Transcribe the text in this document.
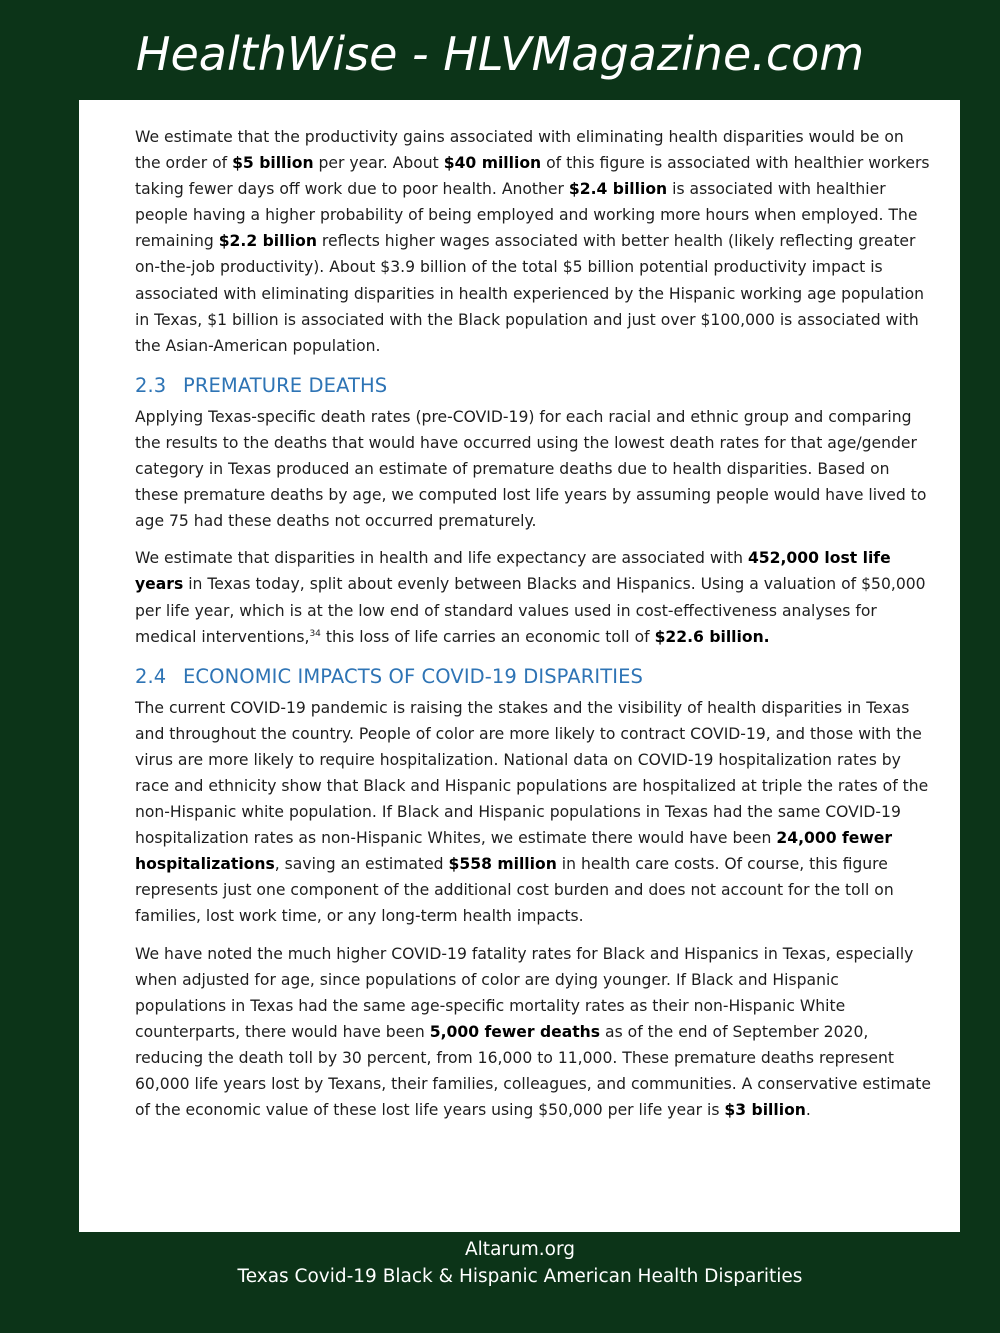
HealthWise - HLVMagazine.com

We estimate that the productivity gains associated with eliminating health disparities would be on the order of $5 billion per year. About $40 million of this figure is associated with healthier workers taking fewer days off work due to poor health. Another $2.4 billion is associated with healthier people having a higher probability of being employed and working more hours when employed. The remaining $2.2 billion reflects higher wages associated with better health (likely reflecting greater on-the-job productivity). About $3.9 billion of the total $5 billion potential productivity impact is associated with eliminating disparities in health experienced by the Hispanic working age population in Texas, $1 billion is associated with the Black population and just over $100,000 is associated with the Asian-American population.

2.3 PREMATURE DEATHS

Applying Texas-specific death rates (pre-COVID-19) for each racial and ethnic group and comparing the results to the deaths that would have occurred using the lowest death rates for that age/gender category in Texas produced an estimate of premature deaths due to health disparities. Based on these premature deaths by age, we computed lost life years by assuming people would have lived to age 75 had these deaths not occurred prematurely.

We estimate that disparities in health and life expectancy are associated with 452,000 lost life years in Texas today, split about evenly between Blacks and Hispanics. Using a valuation of $50,000 per life year, which is at the low end of standard values used in cost-effectiveness analyses for medical interventions,$^{34}$ this loss of life carries an economic toll of $22.6 billion.

2.4 ECONOMIC IMPACTS OF COVID-19 DISPARITIES

The current COVID-19 pandemic is raising the stakes and the visibility of health disparities in Texas and throughout the country. People of color are more likely to contract COVID-19, and those with the virus are more likely to require hospitalization. National data on COVID-19 hospitalization rates by race and ethnicity show that Black and Hispanic populations are hospitalized at triple the rates of the non-Hispanic white population. If Black and Hispanic populations in Texas had the same COVID-19 hospitalization rates as non-Hispanic Whites, we estimate there would have been 24,000 fewer hospitalizations, saving an estimated $558 million in health care costs. Of course, this figure represents just one component of the additional cost burden and does not account for the toll on families, lost work time, or any long-term health impacts.

We have noted the much higher COVID-19 fatality rates for Black and Hispanics in Texas, especially when adjusted for age, since populations of color are dying younger. If Black and Hispanic populations in Texas had the same age-specific mortality rates as their non-Hispanic White counterparts, there would have been 5,000 fewer deaths as of the end of September 2020, reducing the death toll by 30 percent, from 16,000 to 11,000. These premature deaths represent 60,000 life years lost by Texans, their families, colleagues, and communities. A conservative estimate of the economic value of these lost life years using $50,000 per life year is $3 billion.

Altarum.org
Texas Covid-19 Black & Hispanic American Health Disparities
